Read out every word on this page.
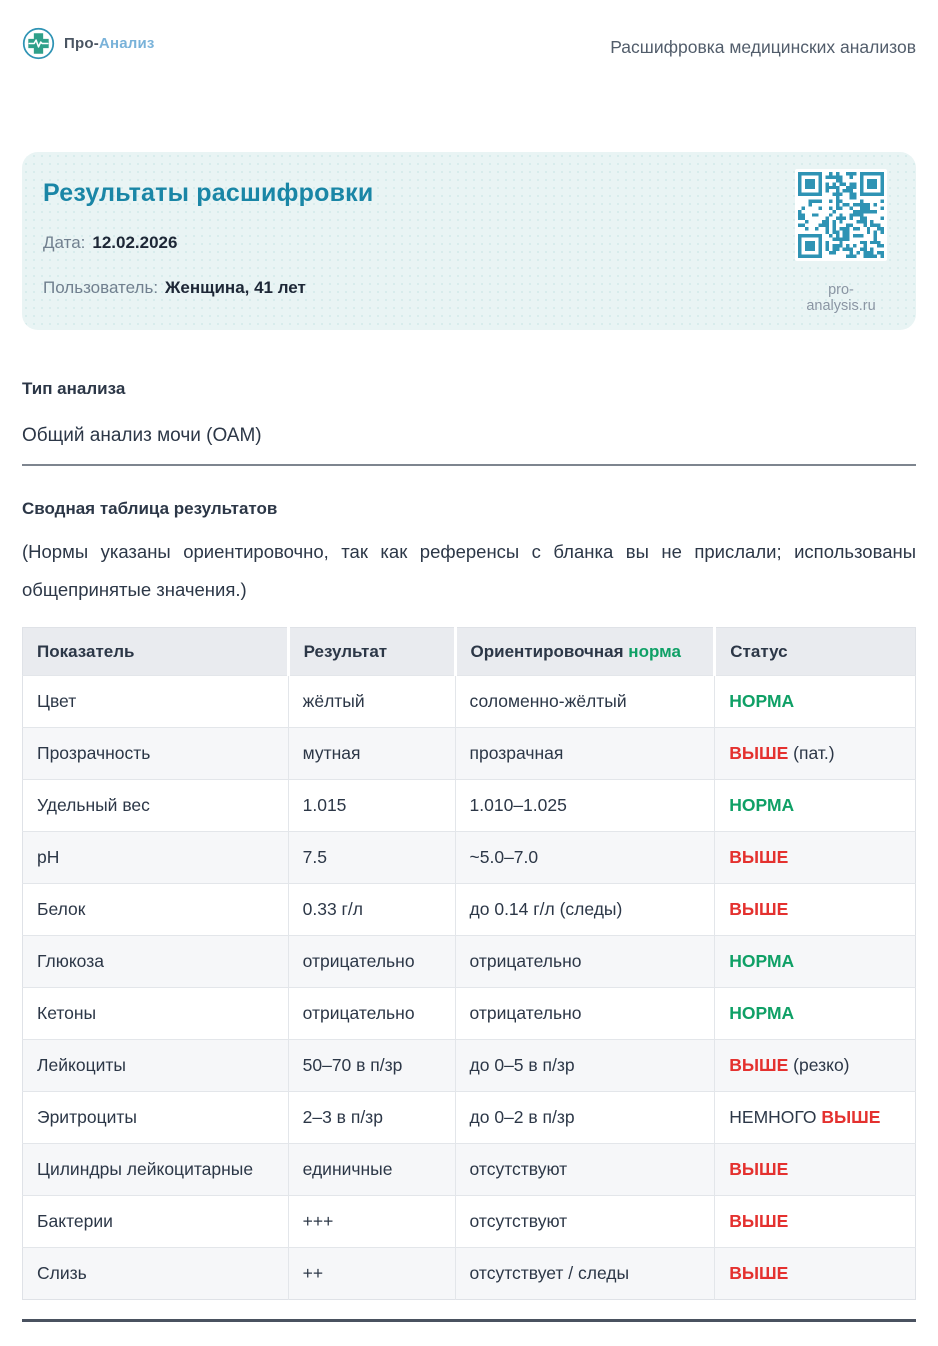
Про-Анализ	Расшифровка медицинских анализов
Результаты расшифровки
Дата: 12.02.2026
Пользователь: Женщина, 41 лет	pro-analysis.ru
Тип анализа
Общий анализ мочи (ОАМ)
Сводная таблица результатов
(Нормы указаны ориентировочно, так как референсы с бланка вы не прислали; использованы общепринятые значения.)
Показатель	Результат	Ориентировочная норма	Статус
Цвет	жёлтый	соломенно-жёлтый	НОРМА
Прозрачность	мутная	прозрачная	ВЫШЕ (пат.)
Удельный вес	1.015	1.010–1.025	НОРМА
pH	7.5	~5.0–7.0	ВЫШЕ
Белок	0.33 г/л	до 0.14 г/л (следы)	ВЫШЕ
Глюкоза	отрицательно	отрицательно	НОРМА
Кетоны	отрицательно	отрицательно	НОРМА
Лейкоциты	50–70 в п/зр	до 0–5 в п/зр	ВЫШЕ (резко)
Эритроциты	2–3 в п/зр	до 0–2 в п/зр	НЕМНОГО ВЫШЕ
Цилиндры лейкоцитарные	единичные	отсутствуют	ВЫШЕ
Бактерии	+++	отсутствуют	ВЫШЕ
Слизь	++	отсутствует / следы	ВЫШЕ
